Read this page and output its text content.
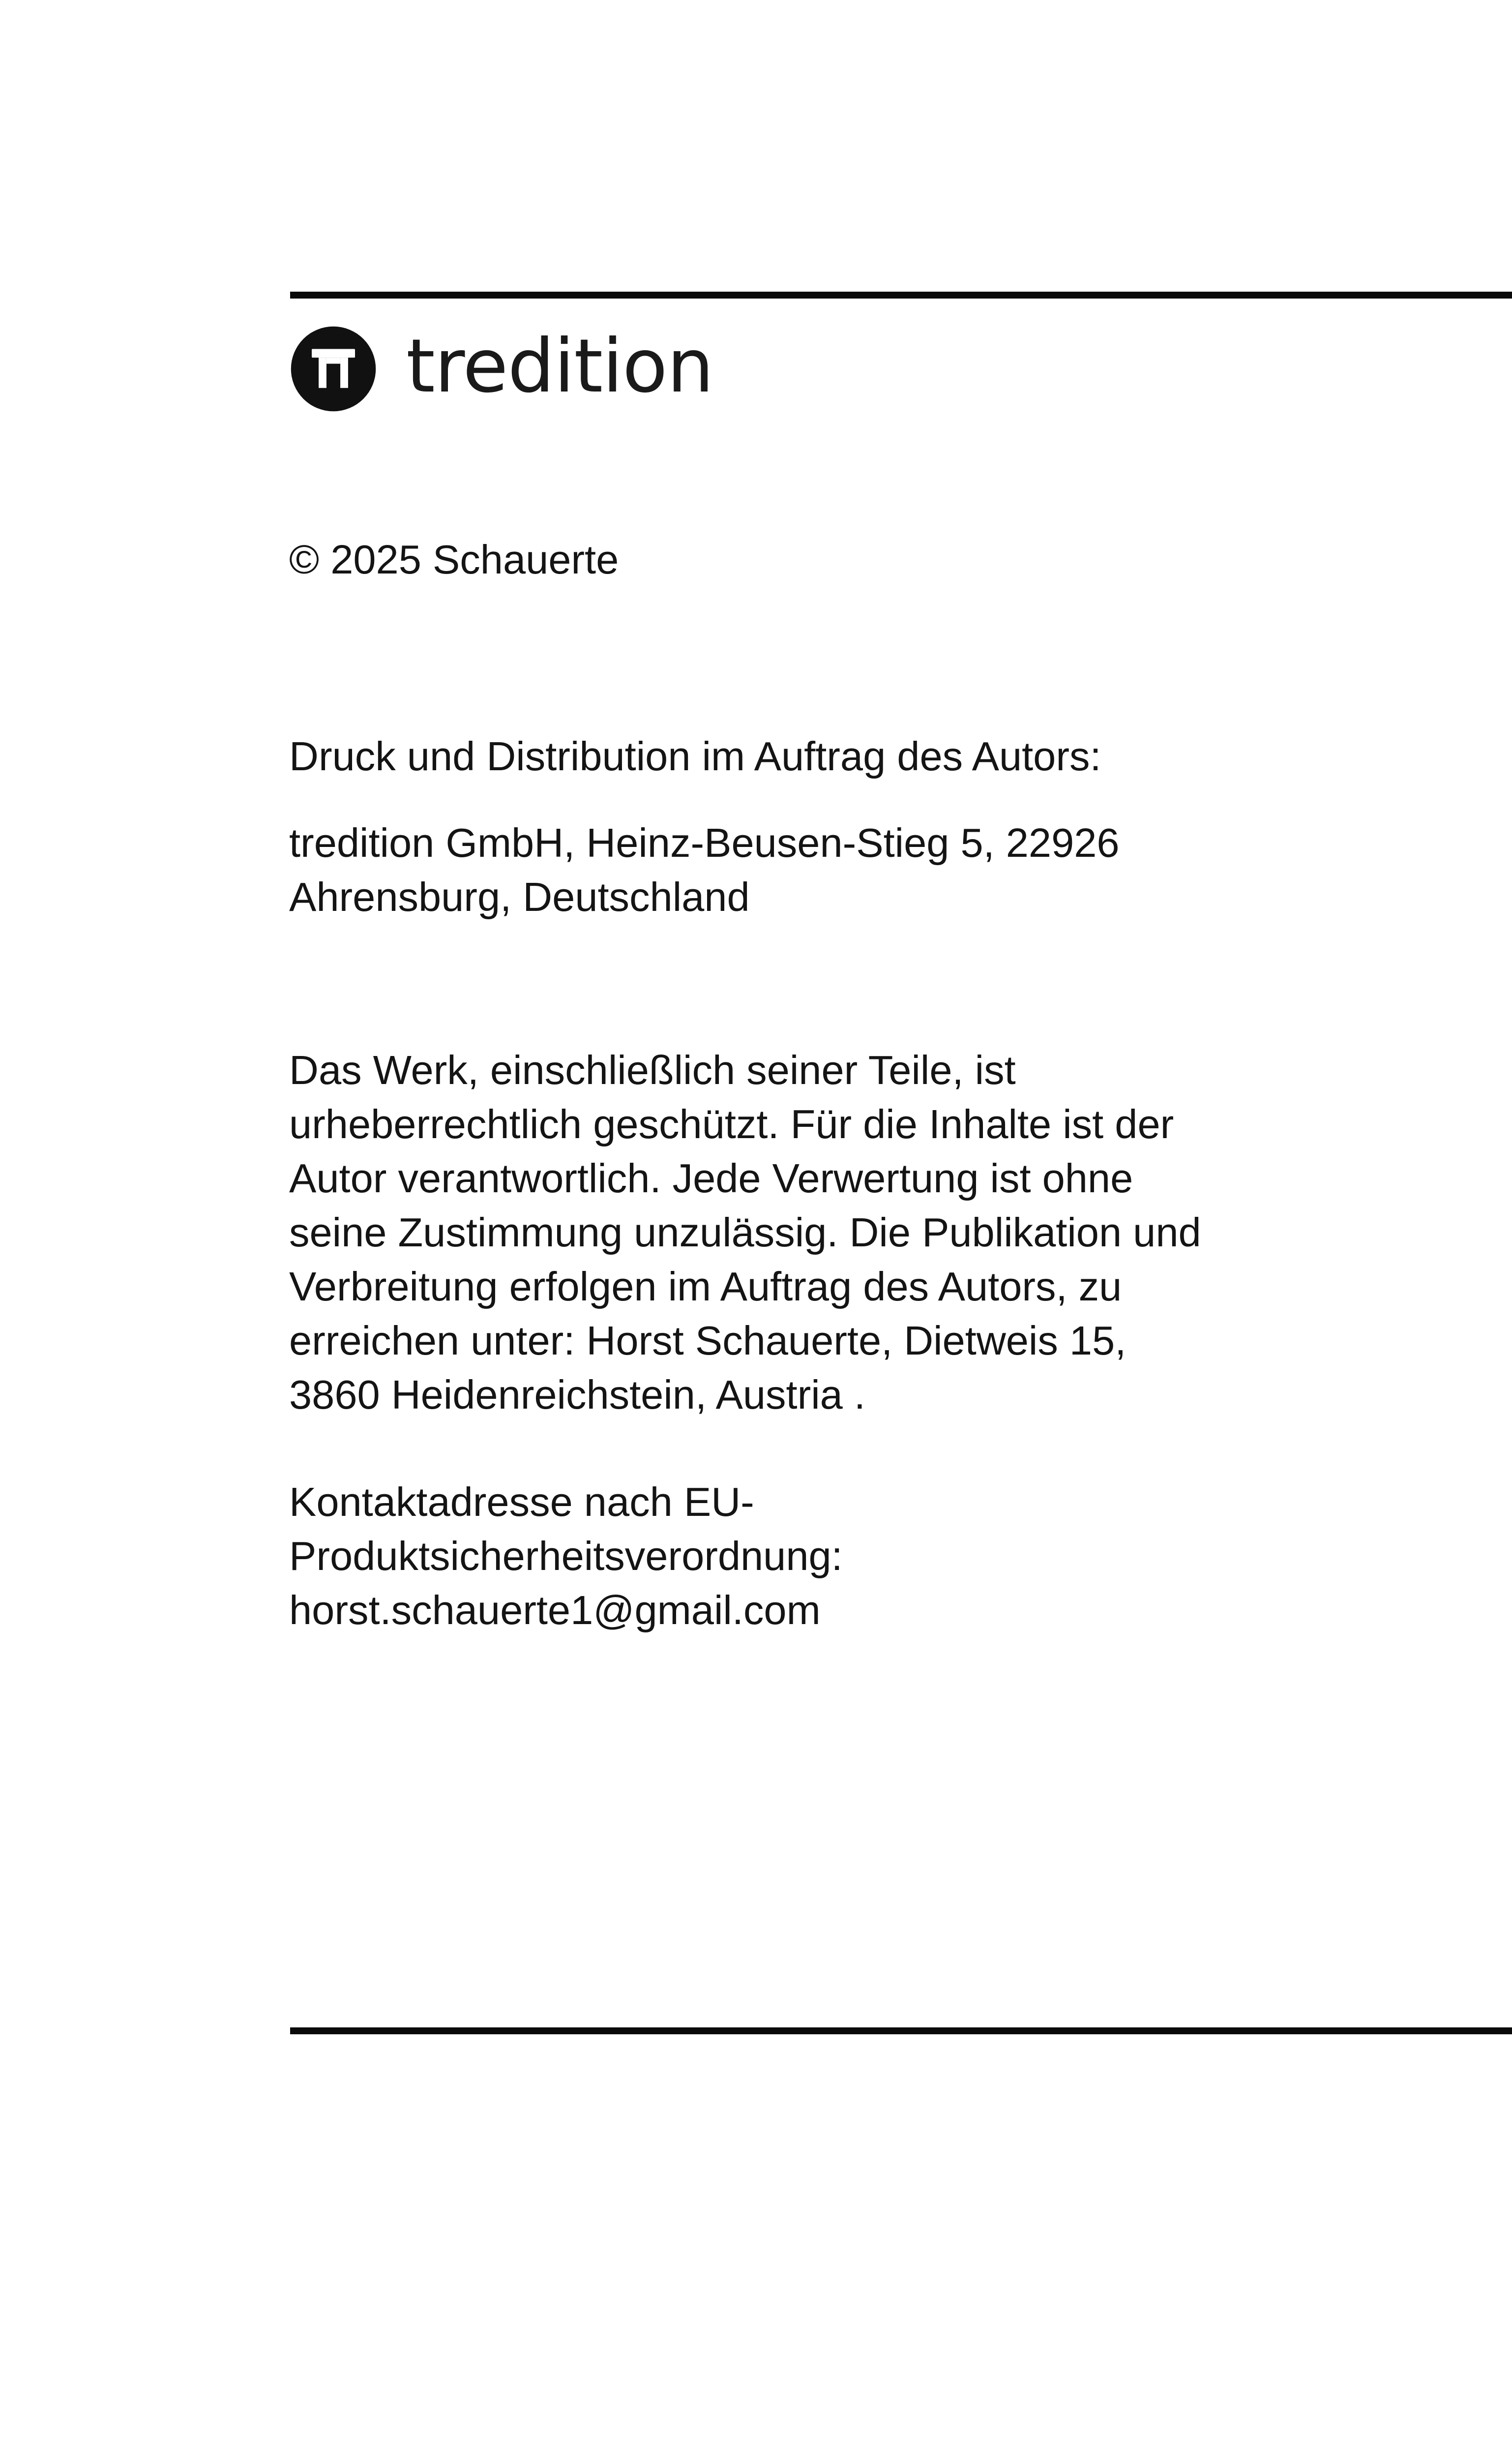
tredition

© 2025 Schauerte

Druck und Distribution im Auftrag des Autors:

tredition GmbH, Heinz-Beusen-Stieg 5, 22926
Ahrensburg, Deutschland

Das Werk, einschließlich seiner Teile, ist
urheberrechtlich geschützt. Für die Inhalte ist der
Autor verantwortlich. Jede Verwertung ist ohne
seine Zustimmung unzulässig. Die Publikation und
Verbreitung erfolgen im Auftrag des Autors, zu
erreichen unter: Horst Schauerte, Dietweis 15,
3860 Heidenreichstein, Austria .

Kontaktadresse nach EU-
Produktsicherheitsverordnung:
horst.schauerte1@gmail.com
